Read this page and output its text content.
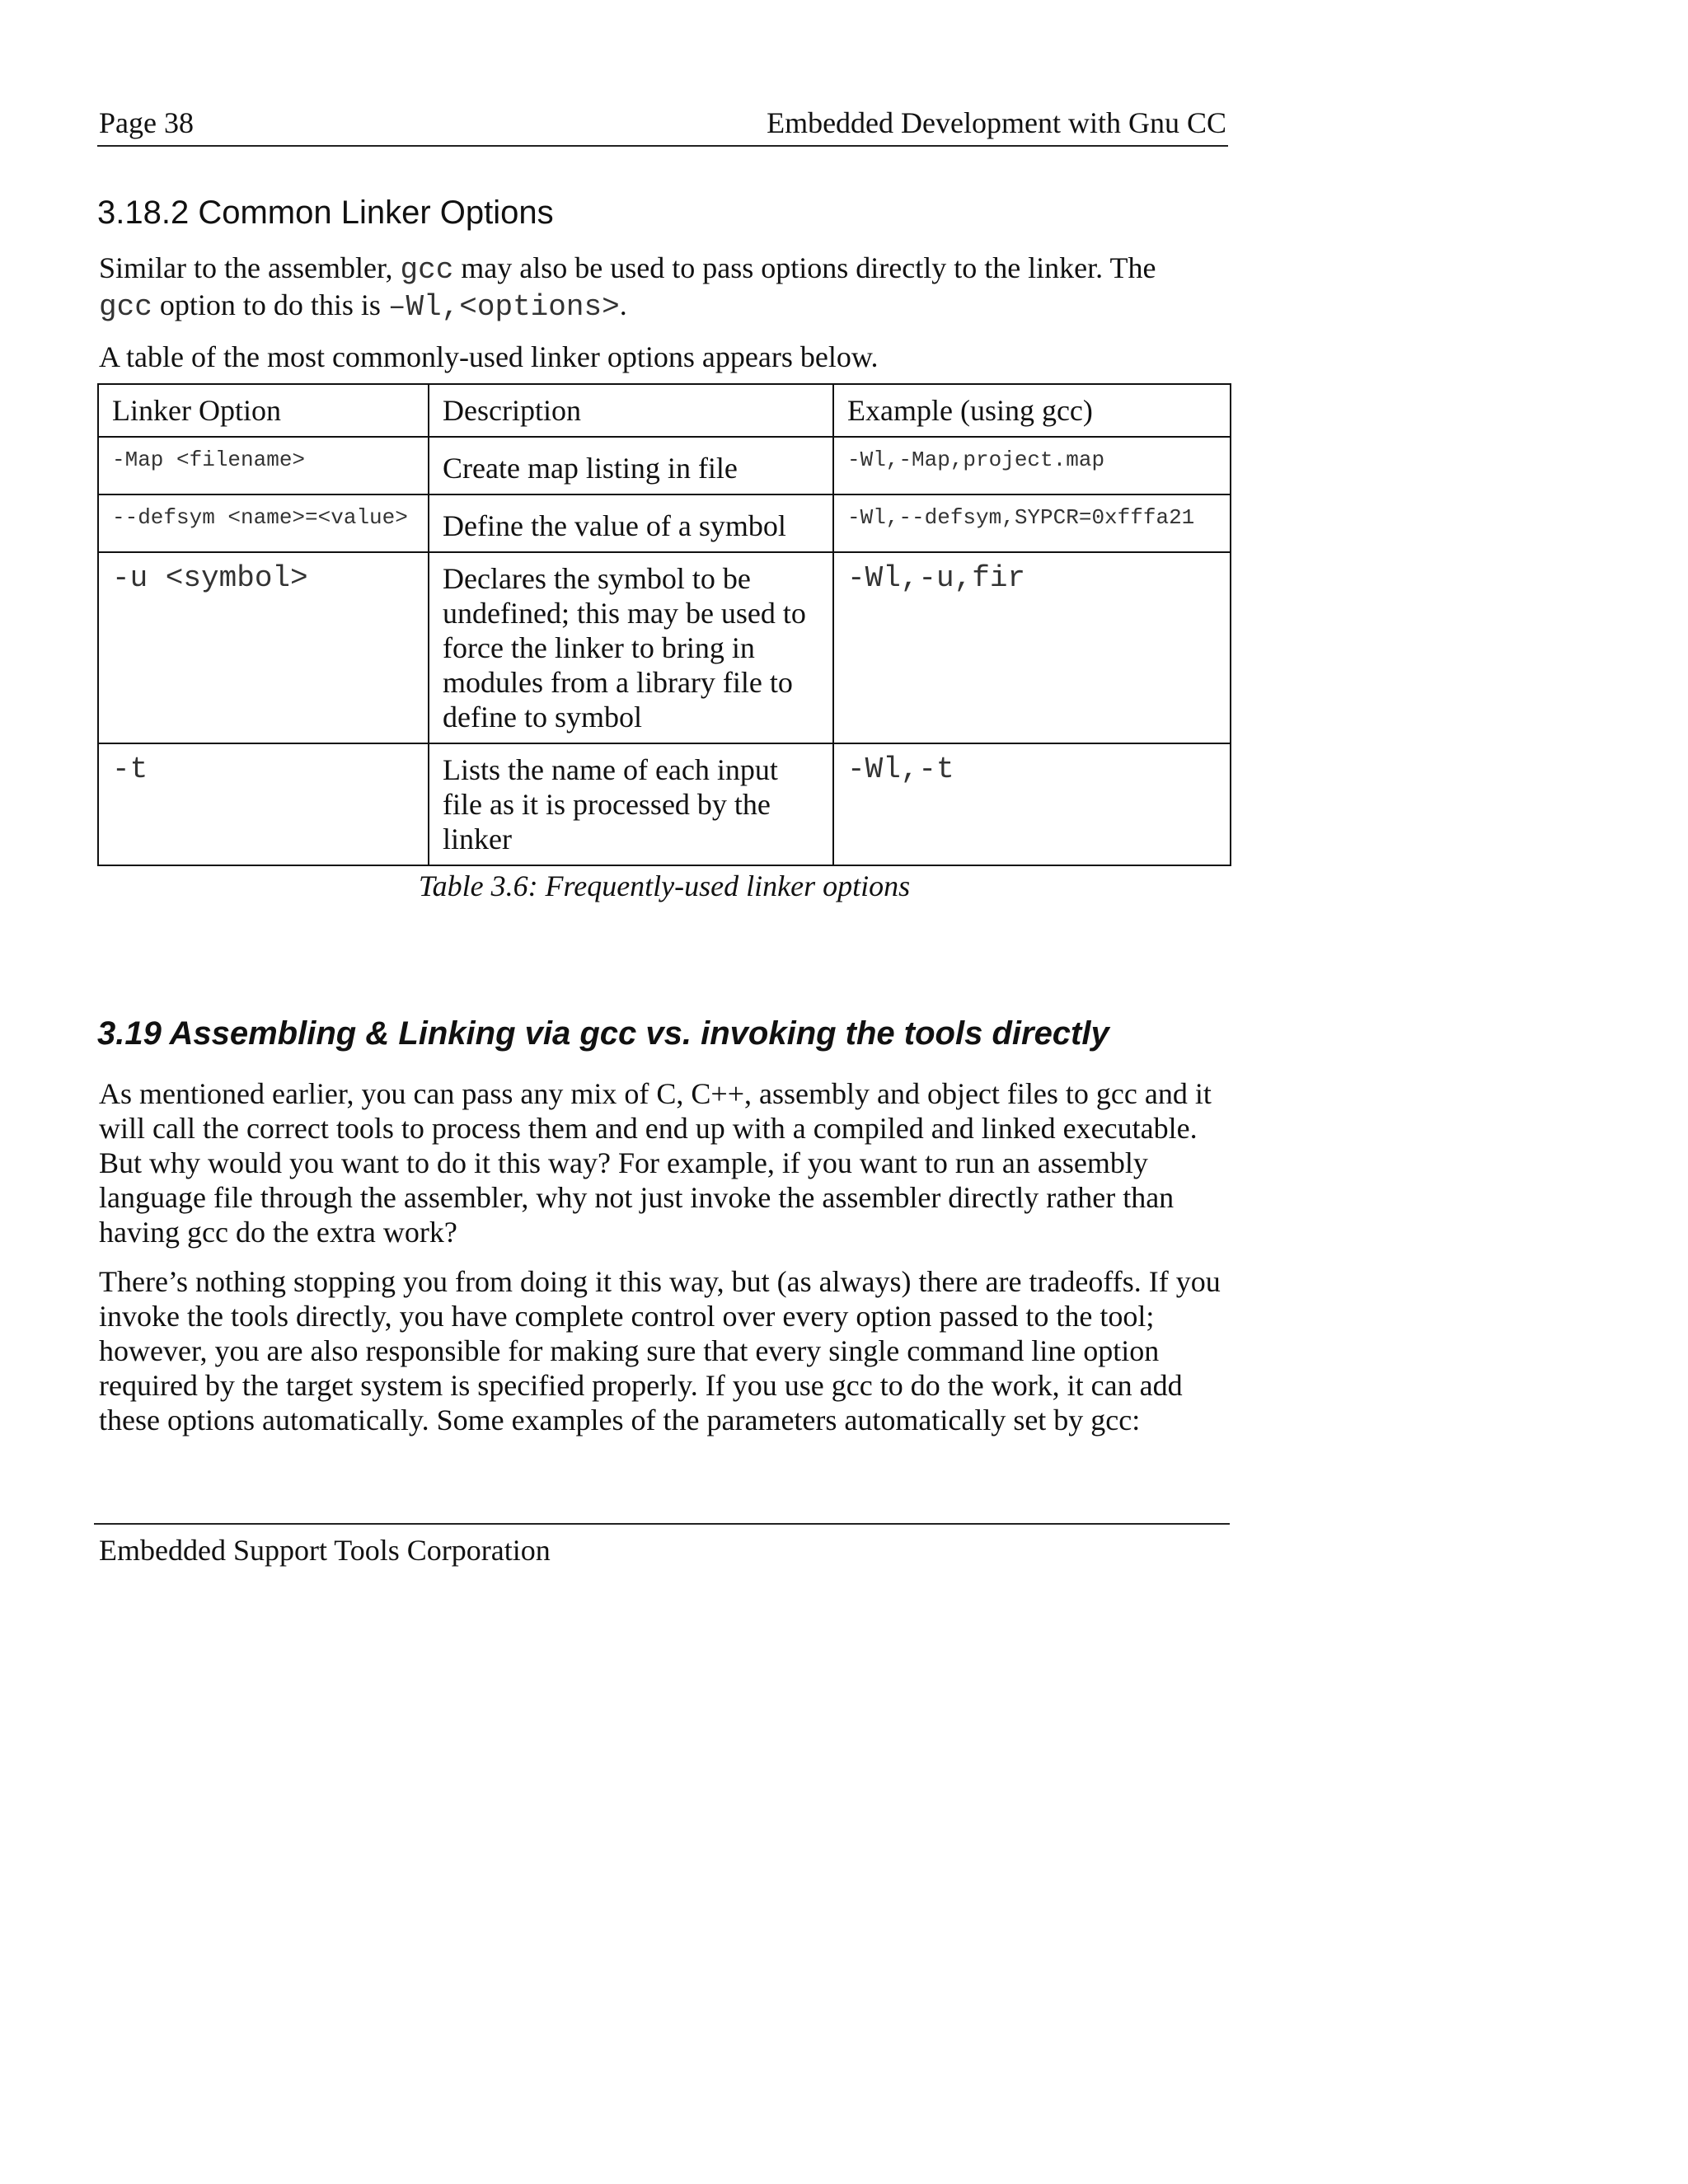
Page 38	Embedded Development with Gnu CC
3.18.2 Common Linker Options

Similar to the assembler, gcc may also be used to pass options directly to the linker. The
gcc option to do this is –Wl,<options>.

A table of the most commonly-used linker options appears below.

Linker Option	Description	Example (using gcc)
-Map <filename>	Create map listing in file	-Wl,-Map,project.map
--defsym <name>=<value>	Define the value of a symbol	-Wl,--defsym,SYPCR=0xfffa21
-u <symbol>	Declares the symbol to be undefined; this may be used to force the linker to bring in modules from a library file to define to symbol	-Wl,-u,fir
-t	Lists the name of each input file as it is processed by the linker	-Wl,-t
Table 3.6: Frequently-used linker options
3.19 Assembling & Linking via gcc vs. invoking the tools directly

As mentioned earlier, you can pass any mix of C, C++, assembly and object files to gcc and it will call the correct tools to process them and end up with a compiled and linked executable. But why would you want to do it this way? For example, if you want to run an assembly language file through the assembler, why not just invoke the assembler directly rather than having gcc do the extra work?

There’s nothing stopping you from doing it this way, but (as always) there are tradeoffs. If you invoke the tools directly, you have complete control over every option passed to the tool; however, you are also responsible for making sure that every single command line option required by the target system is specified properly. If you use gcc to do the work, it can add these options automatically. Some examples of the parameters automatically set by gcc:

Embedded Support Tools Corporation
